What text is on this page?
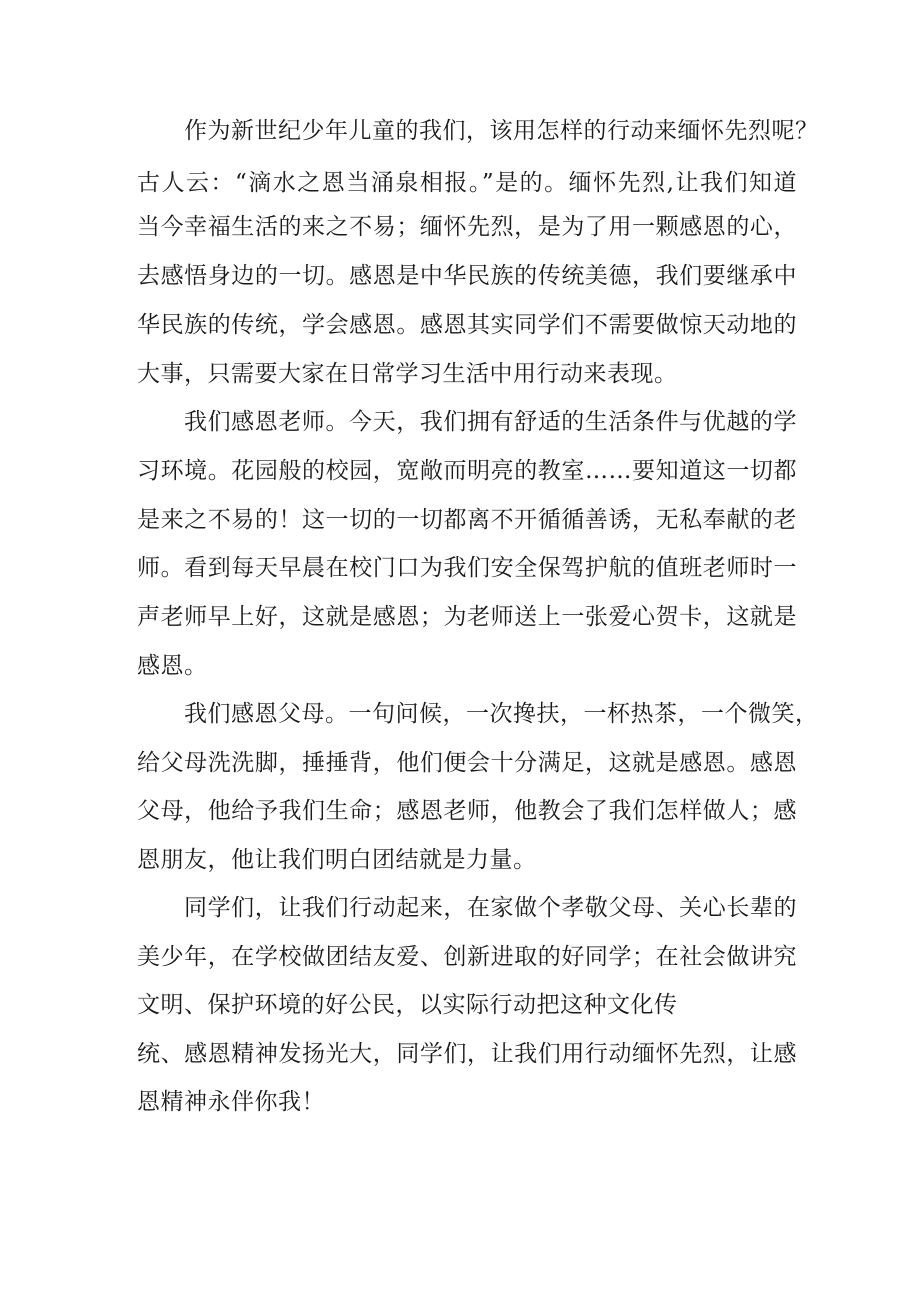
作为新世纪少年儿童的我们，该用怎样的行动来缅怀先烈呢？
古人云：“滴水之恩当涌泉相报。”是的。缅怀先烈,让我们知道
当今幸福生活的来之不易；缅怀先烈，是为了用一颗感恩的心，
去感悟身边的一切。感恩是中华民族的传统美德，我们要继承中
华民族的传统，学会感恩。感恩其实同学们不需要做惊天动地的
大事，只需要大家在日常学习生活中用行动来表现。
我们感恩老师。今天，我们拥有舒适的生活条件与优越的学
习环境。花园般的校园，宽敞而明亮的教室……要知道这一切都
是来之不易的！这一切的一切都离不开循循善诱，无私奉献的老
师。看到每天早晨在校门口为我们安全保驾护航的值班老师时一
声老师早上好，这就是感恩；为老师送上一张爱心贺卡，这就是
感恩。
我们感恩父母。一句问候，一次搀扶，一杯热茶，一个微笑，
给父母洗洗脚，捶捶背，他们便会十分满足，这就是感恩。感恩
父母，他给予我们生命；感恩老师，他教会了我们怎样做人；感
恩朋友，他让我们明白团结就是力量。
同学们，让我们行动起来，在家做个孝敬父母、关心长辈的
美少年，在学校做团结友爱、创新进取的好同学；在社会做讲究
文明、保护环境的好公民，以实际行动把这种文化传
统、感恩精神发扬光大，同学们，让我们用行动缅怀先烈，让感
恩精神永伴你我！
